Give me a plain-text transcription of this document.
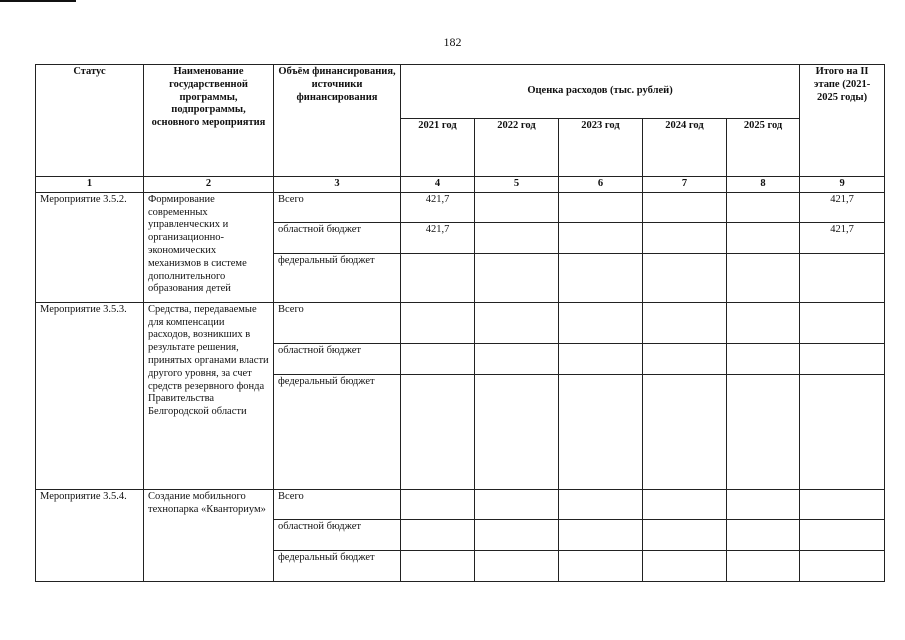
182
Статус	Наименование государственной программы, подпрограммы, основного мероприятия	Объём финансирования, источники финансирования	Оценка расходов (тыс. рублей)					Итого на II этапе (2021-2025 годы)
			2021 год	2022 год	2023 год	2024 год	2025 год	
1	2	3	4	5	6	7	8	9
Мероприятие 3.5.2.	Формирование современных управленческих и организационно-экономических механизмов в системе дополнительного образования детей	Всего	421,7					421,7
		областной бюджет	421,7					421,7
		федеральный бюджет						
Мероприятие 3.5.3.	Средства, передаваемые для компенсации расходов, возникших в результате решения, принятых органами власти другого уровня, за счет средств резервного фонда Правительства Белгородской области	Всего						
		областной бюджет						
		федеральный бюджет						
Мероприятие 3.5.4.	Создание мобильного технопарка «Кванториум»	Всего						
		областной бюджет						
		федеральный бюджет						
